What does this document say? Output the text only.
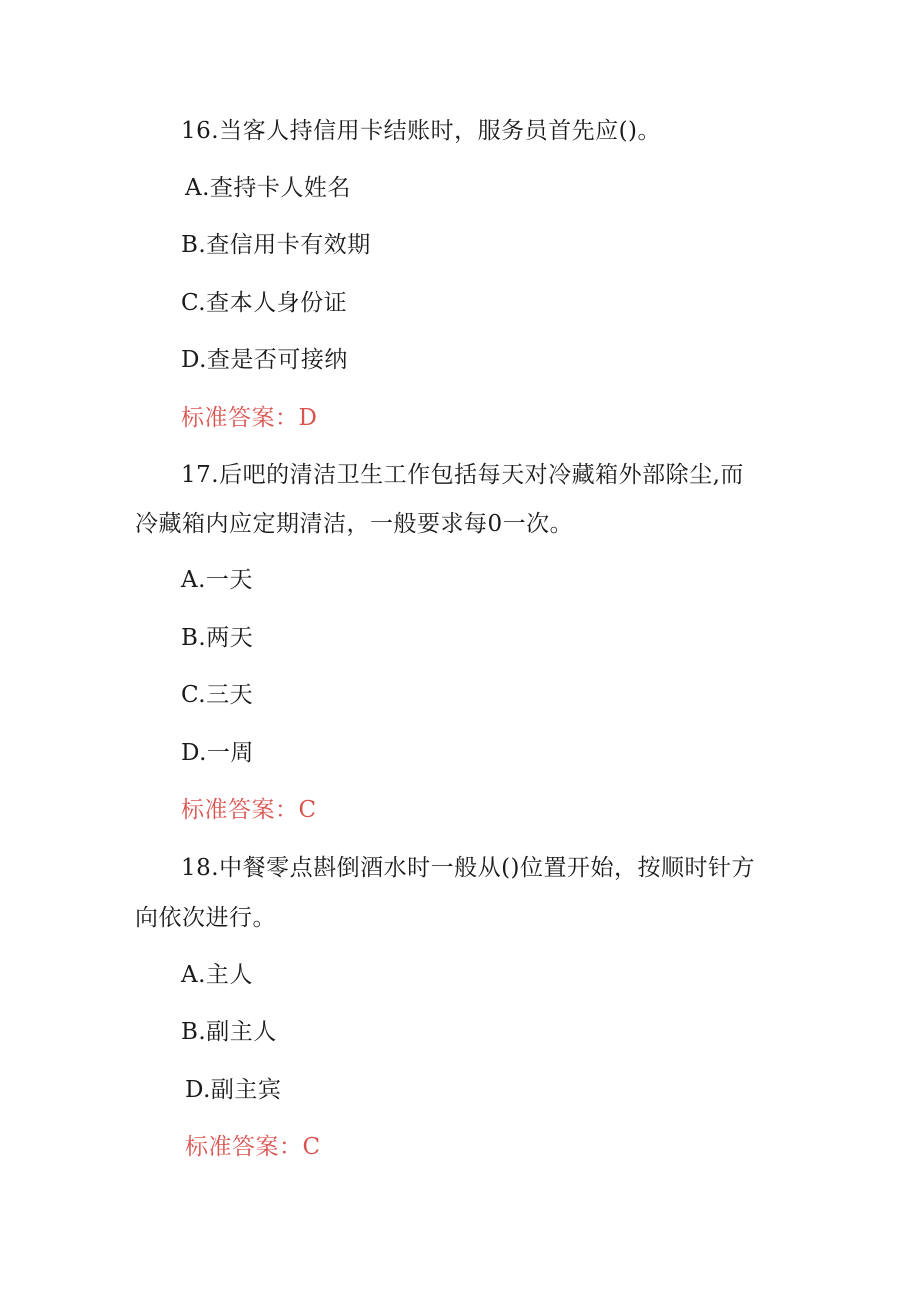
16.当客人持信用卡结账时，服务员首先应()。
A.查持卡人姓名
B.查信用卡有效期
C.查本人身份证
D.查是否可接纳
标准答案：D
17.后吧的清洁卫生工作包括每天对冷藏箱外部除尘,而
冷藏箱内应定期清洁，一般要求每0一次。
A.一天
B.两天
C.三天
D.一周
标准答案：C
18.中餐零点斟倒酒水时一般从()位置开始，按顺时针方
向依次进行。
A.主人
B.副主人
D.副主宾
标准答案：C
